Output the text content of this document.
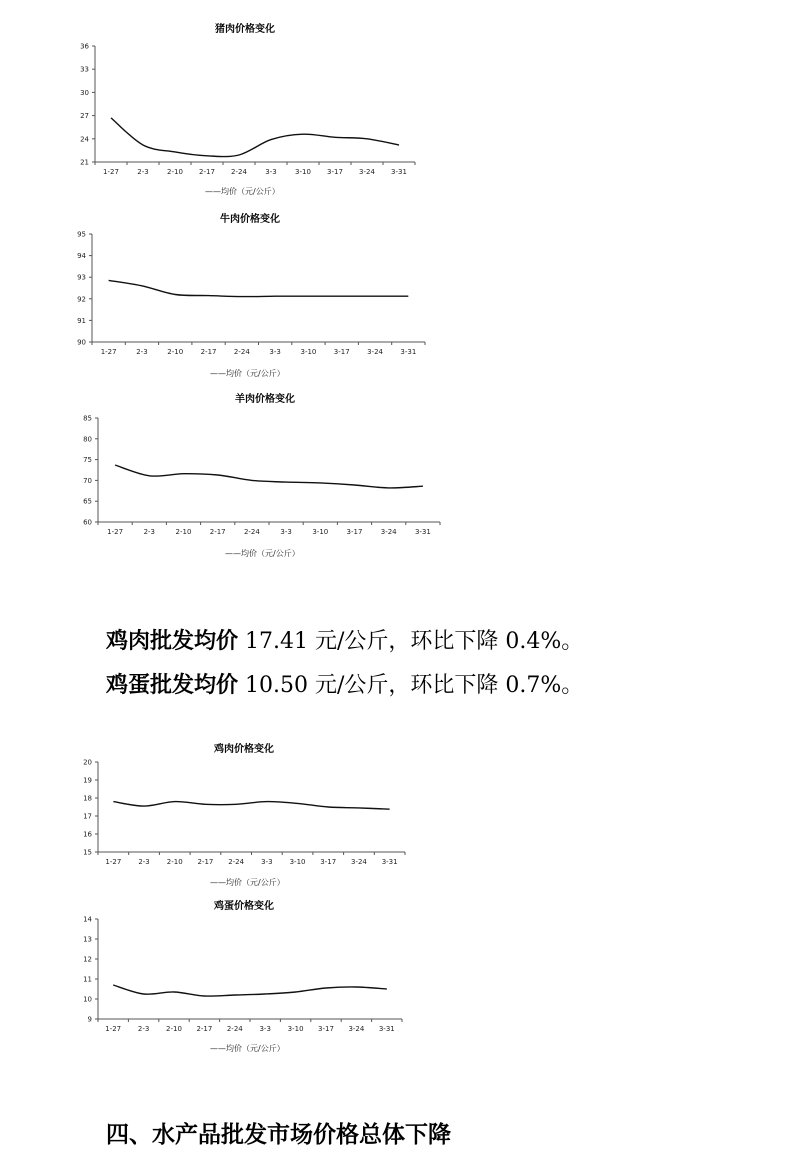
猪肉价格变化
21
24
27
30
33
36
1-27	2-3	2-10 2-17 2-24	3-3	3-10 3-17 3-24 3-31
——均价（元/公斤）
牛肉价格变化
90
91
92
93
94
95
1-27	2-3	2-10 2-17 2-24	3-3	3-10 3-17 3-24 3-31
——均价（元/公斤）
羊肉价格变化
60
65
70
75
80
85
1-27	2-3	2-10	2-17	2-24	3-3	3-10	3-17	3-24	3-31
——均价（元/公斤）
鸡肉批发均价 17.41 元/公斤，环比下降 0.4%。
鸡蛋批发均价 10.50 元/公斤，环比下降 0.7%。
鸡肉价格变化
15
16
17
18
19
20
1-27 2-3 2-10 2-17 2-24 3-3 3-10 3-17 3-24 3-31
——均价（元/公斤）
鸡蛋价格变化
9
10
11
12
13
14
1-27 2-3 2-10 2-17 2-24 3-3 3-10 3-17 3-24 3-31
——均价（元/公斤）
四、水产品批发市场价格总体下降
